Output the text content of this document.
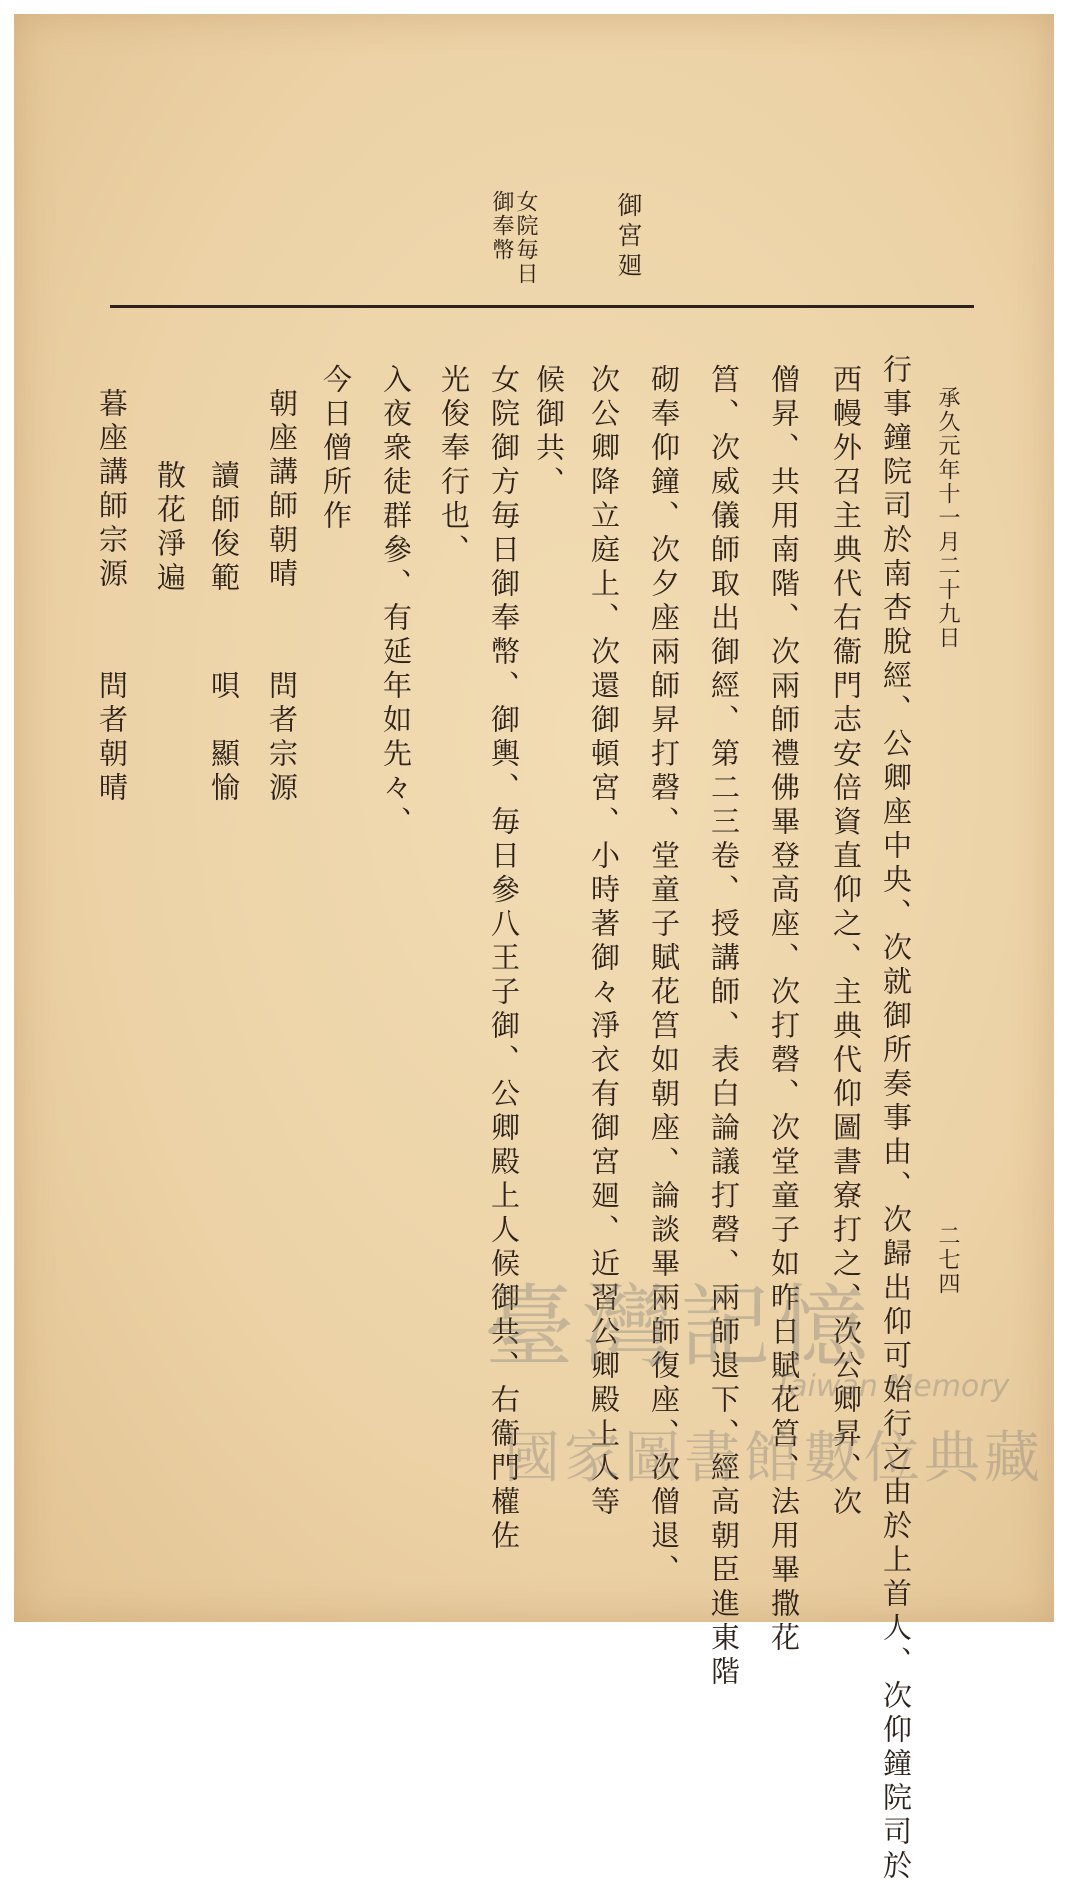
御宮廻
女院毎日
御奉幣
承久元年十一月二十九日
二七四
行事鐘院司於南杏脫經、公卿座中央、次就御所奏事由、次歸出仰可始行之由於上首人、次仰鐘院司於
西幔外召主典代右衞門志安倍資直仰之、主典代仰圖書寮打之、次公卿昇、次
僧昇、共用南階、次兩師禮佛畢登高座、次打磬、次堂童子如昨日賦花筥、法用畢撒花
筥、次威儀師取出御經、第二三卷、授講師、表白論議打磬、兩師退下、經高朝臣進東階
砌奉仰鐘、次夕座兩師昇打磬、堂童子賦花筥如朝座、論談畢兩師復座、次僧退、
次公卿降立庭上、次還御頓宮、小時著御々淨衣有御宮廻、近習公卿殿上人等
候御共、
女院御方毎日御奉幣、御輿、毎日參八王子御、公卿殿上人候御共、右衞門權佐
光俊奉行也、
入夜衆徒群參、有延年如先々、
今日僧所作
朝座講師朝晴
問者宗源
讀師俊範
唄　顯愉
散花淨遍
暮座講師宗源
問者朝晴
臺灣記憶
Taiwan Memory
國家圖書館數位典藏
